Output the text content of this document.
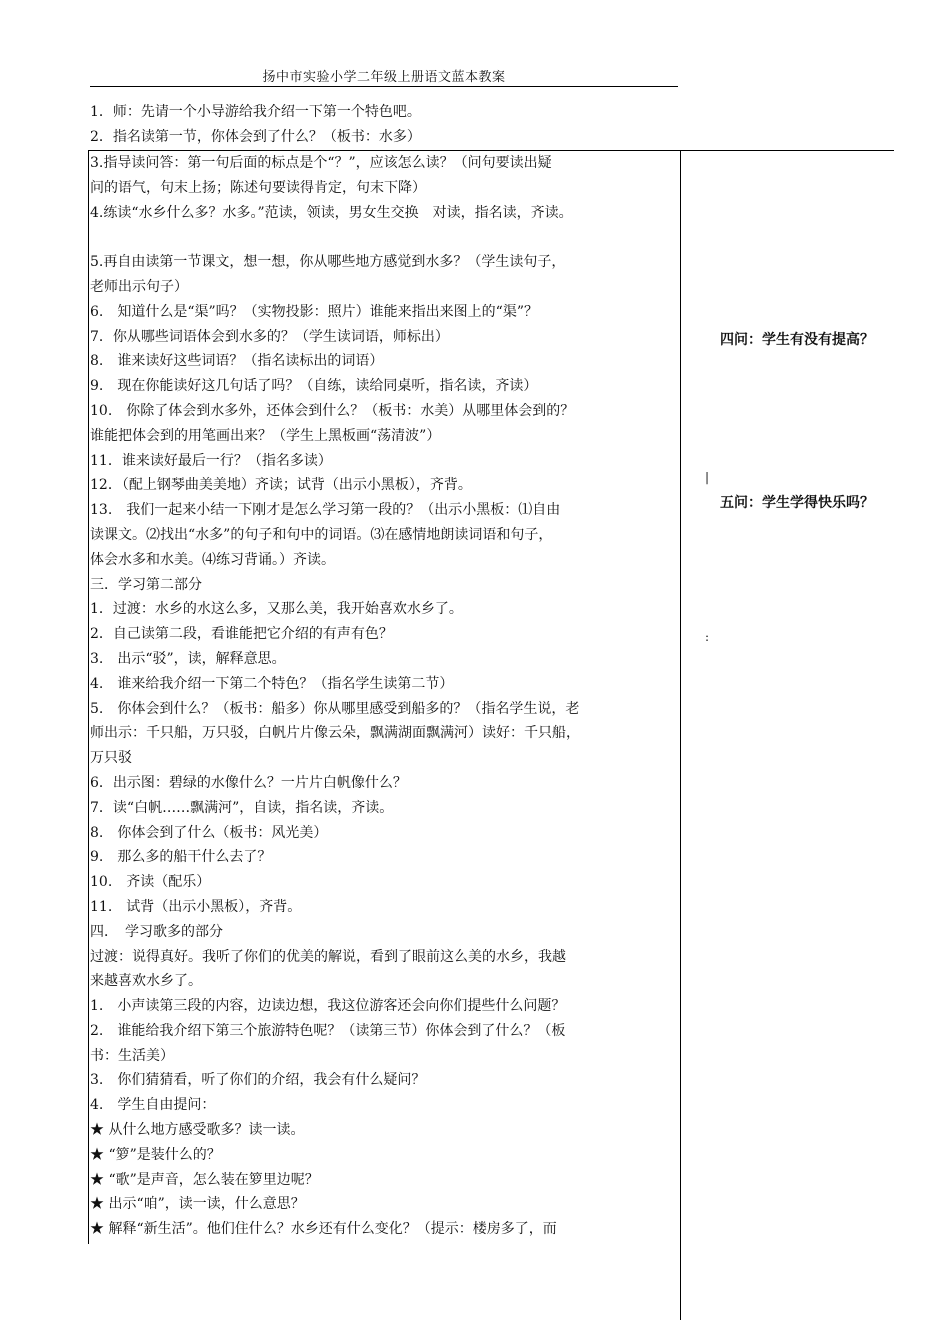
扬中市实验小学二年级上册语文蓝本教案
1．师：先请一个小导游给我介绍一下第一个特色吧。
2．指名读第一节，你体会到了什么？（板书：水多）

3.指导读问答：第一句后面的标点是个“？”，应该怎么读？（问句要读出疑

问的语气，句末上扬；陈述句要读得肯定，句末下降）

4.练读“水乡什么多？水多。”范读，领读，男女生交换　对读，指名读，齐读。

5.再自由读第一节课文，想一想，你从哪些地方感觉到水多？（学生读句子，

老师出示句子）

6.　知道什么是“渠”吗？（实物投影：照片）谁能来指出来图上的“渠”？

7．你从哪些词语体会到水多的？（学生读词语，师标出）

8.　谁来读好这些词语？（指名读标出的词语）

9.　现在你能读好这几句话了吗？（自练，读给同桌听，指名读，齐读）

10.　你除了体会到水多外，还体会到什么？（板书：水美）从哪里体会到的？

谁能把体会到的用笔画出来？（学生上黑板画“荡清波”）

11．谁来读好最后一行？（指名多读）

12．（配上钢琴曲美美地）齐读；试背（出示小黑板），齐背。

13.　我们一起来小结一下刚才是怎么学习第一段的？（出示小黑板：⑴自由

读课文。⑵找出“水多”的句子和句中的词语。⑶在感情地朗读词语和句子，

体会水多和水美。⑷练习背诵。）齐读。

三．学习第二部分

1．过渡：水乡的水这么多，又那么美，我开始喜欢水乡了。

2．自己读第二段，看谁能把它介绍的有声有色？

3.　出示“驳”，读，解释意思。

4.　谁来给我介绍一下第二个特色？（指名学生读第二节）

5.　你体会到什么？（板书：船多）你从哪里感受到船多的？（指名学生说，老

师出示：千只船，万只驳，白帆片片像云朵，飘满湖面飘满河）读好：千只船，

万只驳

6．出示图：碧绿的水像什么？一片片白帆像什么？

7．读“白帆……飘满河”，自读，指名读，齐读。

8.　你体会到了什么（板书：风光美）

9.　那么多的船干什么去了？

10.　齐读（配乐）

11.　试背（出示小黑板），齐背。

四．　学习歌多的部分

过渡：说得真好。我听了你们的优美的解说，看到了眼前这么美的水乡，我越

来越喜欢水乡了。

1.　小声读第三段的内容，边读边想，我这位游客还会向你们提些什么问题？

2.　谁能给我介绍下第三个旅游特色呢？（读第三节）你体会到了什么？（板

书：生活美）

3.　你们猜猜看，听了你们的介绍，我会有什么疑问？

4.　学生自由提问：

★ 从什么地方感受歌多？读一读。

★ “箩”是装什么的？

★ “歌”是声音，怎么装在箩里边呢？

★ 出示“咱”，读一读，什么意思？

★ 解释“新生活”。他们住什么？水乡还有什么变化？（提示：楼房多了，而

四问：学生有没有提高？
五问：学生学得快乐吗？
|
:
